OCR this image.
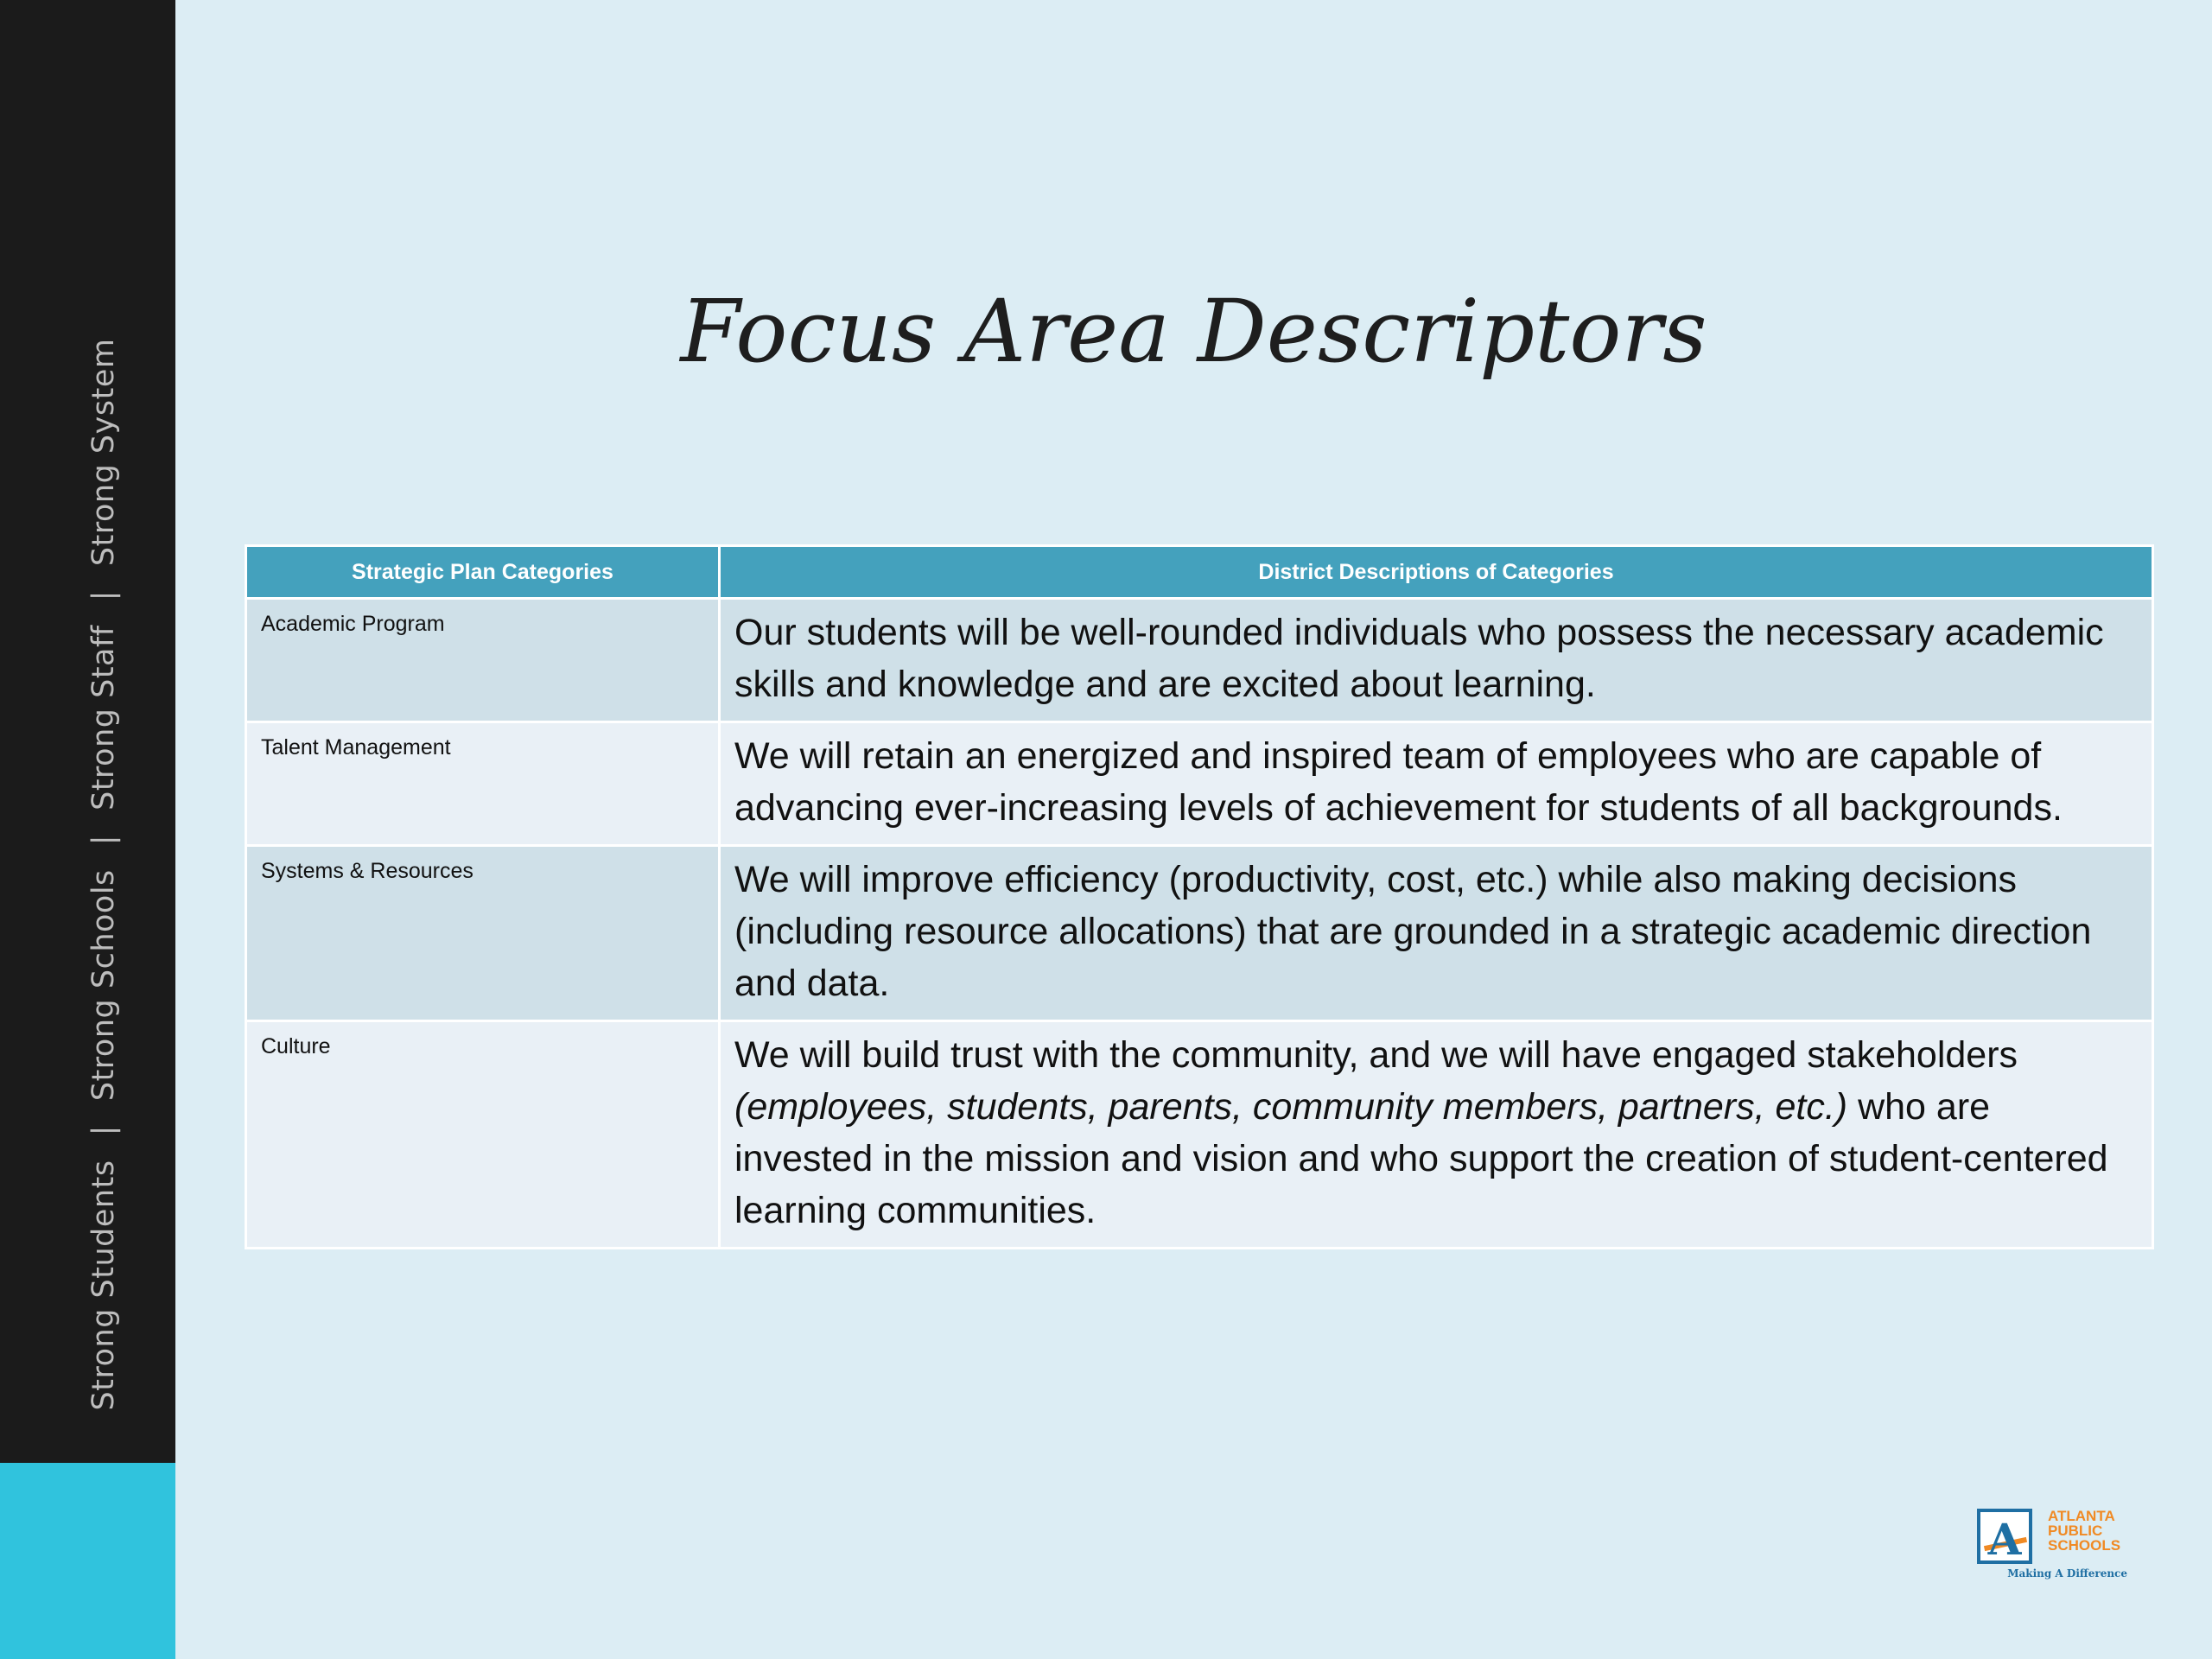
Strong Students|Strong Schools|Strong Staff|Strong System
Focus Area Descriptors
Strategic Plan Categories	District Descriptions of Categories
Academic Program	Our students will be well-rounded individuals who possess the necessary academic skills and knowledge and are excited about learning.
Talent Management	We will retain an energized and inspired team of employees who are capable of advancing ever-increasing levels of achievement for students of all backgrounds.
Systems & Resources	We will improve efficiency (productivity, cost, etc.) while also making decisions (including resource allocations) that are grounded in a strategic academic direction and data.
Culture	We will build trust with the community, and we will have engaged stakeholders (employees, students, parents, community members, partners, etc.) who are invested in the mission and vision and who support the creation of student-centered learning communities.
A	ATLANTA
PUBLIC
SCHOOLS
Making A Difference
